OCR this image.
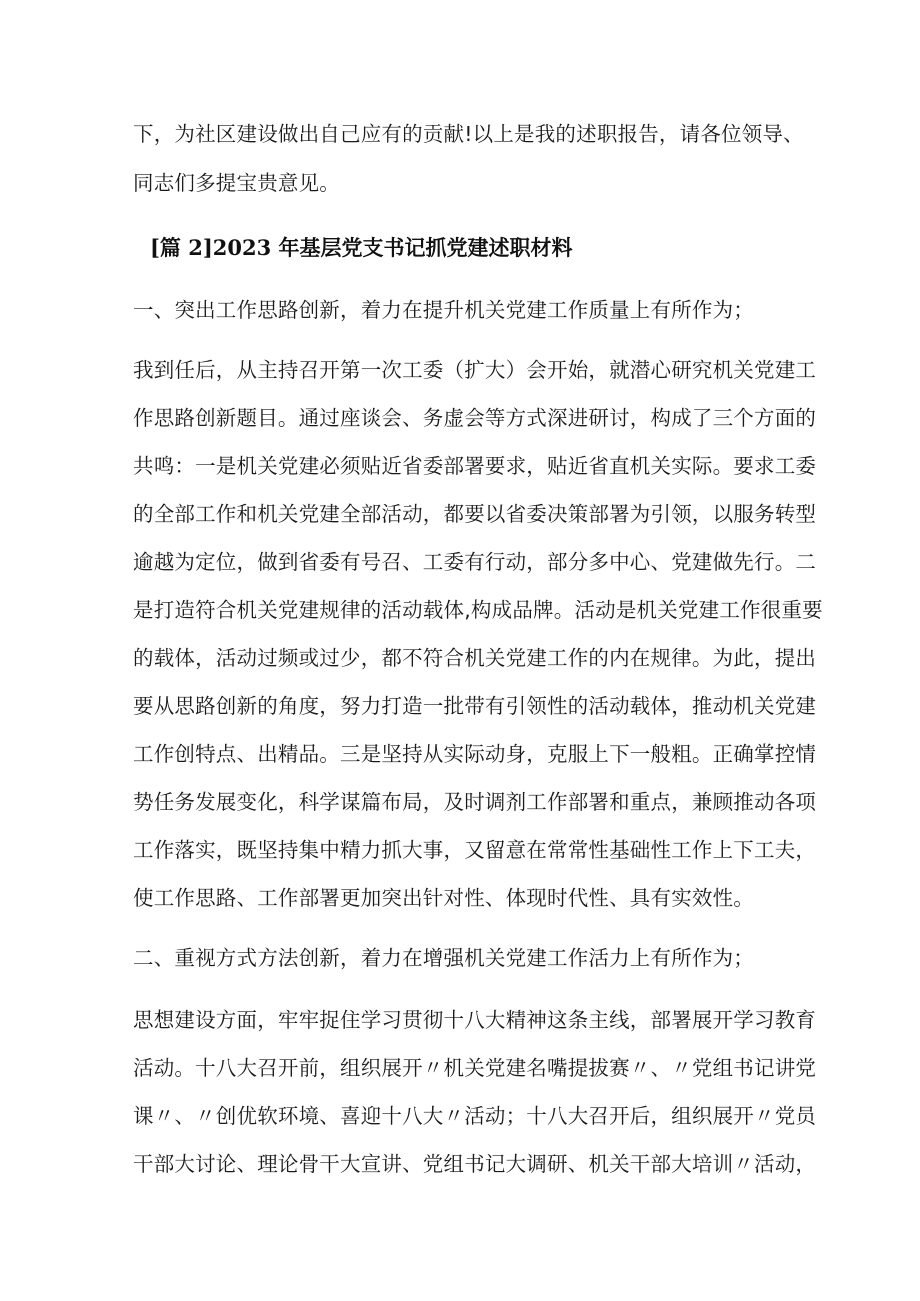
下，为社区建设做出自己应有的贡献!以上是我的述职报告，请各位领导、
同志们多提宝贵意见。
[篇 2]2023 年基层党支书记抓党建述职材料
一、突出工作思路创新，着力在提升机关党建工作质量上有所作为；
我到任后，从主持召开第一次工委（扩大）会开始，就潜心研究机关党建工
作思路创新题目。通过座谈会、务虚会等方式深进研讨，构成了三个方面的
共鸣：一是机关党建必须贴近省委部署要求，贴近省直机关实际。要求工委
的全部工作和机关党建全部活动，都要以省委决策部署为引领，以服务转型
逾越为定位，做到省委有号召、工委有行动，部分多中心、党建做先行。二
是打造符合机关党建规律的活动载体,构成品牌。活动是机关党建工作很重要
的载体，活动过频或过少，都不符合机关党建工作的内在规律。为此，提出
要从思路创新的角度，努力打造一批带有引领性的活动载体，推动机关党建
工作创特点、出精品。三是坚持从实际动身，克服上下一般粗。正确掌控情
势任务发展变化，科学谋篇布局，及时调剂工作部署和重点，兼顾推动各项
工作落实，既坚持集中精力抓大事，又留意在常常性基础性工作上下工夫，
使工作思路、工作部署更加突出针对性、体现时代性、具有实效性。
二、重视方式方法创新，着力在增强机关党建工作活力上有所作为；
思想建设方面，牢牢捉住学习贯彻十八大精神这条主线，部署展开学习教育
活动。十八大召开前，组织展开〃机关党建名嘴提拔赛〃、〃党组书记讲党
课〃、〃创优软环境、喜迎十八大〃活动；十八大召开后，组织展开〃党员
干部大讨论、理论骨干大宣讲、党组书记大调研、机关干部大培训〃活动，
